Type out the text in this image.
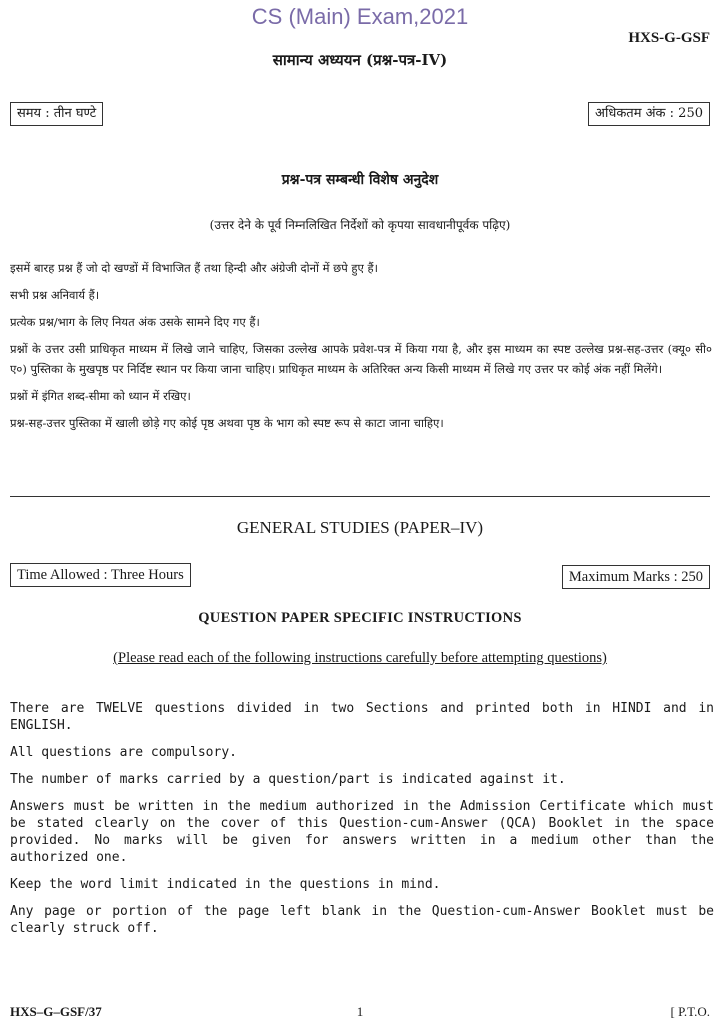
CS (Main) Exam,2021
HXS-G-GSF
सामान्य अध्ययन (प्रश्न-पत्र-IV)
समय : तीन घण्टे	अधिकतम अंक : 250
प्रश्न-पत्र सम्बन्धी विशेष अनुदेश
(उत्तर देने के पूर्व निम्नलिखित निर्देशों को कृपया सावधानीपूर्वक पढ़िए)

इसमें बारह प्रश्न हैं जो दो खण्डों में विभाजित हैं तथा हिन्दी और अंग्रेजी दोनों में छपे हुए हैं।

सभी प्रश्न अनिवार्य हैं।

प्रत्येक प्रश्न/भाग के लिए नियत अंक उसके सामने दिए गए हैं।

प्रश्नों के उत्तर उसी प्राधिकृत माध्यम में लिखे जाने चाहिए, जिसका उल्लेख आपके प्रवेश-पत्र में किया गया है, और इस माध्यम का स्पष्ट उल्लेख प्रश्न-सह-उत्तर (क्यू० सी० ए०) पुस्तिका के मुखपृष्ठ पर निर्दिष्ट स्थान पर किया जाना चाहिए। प्राधिकृत माध्यम के अतिरिक्त अन्य किसी माध्यम में लिखे गए उत्तर पर कोई अंक नहीं मिलेंगे।

प्रश्नों में इंगित शब्द-सीमा को ध्यान में रखिए।

प्रश्न-सह-उत्तर पुस्तिका में खाली छोड़े गए कोई पृष्ठ अथवा पृष्ठ के भाग को स्पष्ट रूप से काटा जाना चाहिए।

GENERAL STUDIES (PAPER–IV)
Time Allowed : Three Hours	Maximum Marks : 250
QUESTION PAPER SPECIFIC INSTRUCTIONS
(Please read each of the following instructions carefully before attempting questions)

There are TWELVE questions divided in two Sections and printed both in HINDI and in ENGLISH.

All questions are compulsory.

The number of marks carried by a question/part is indicated against it.

Answers must be written in the medium authorized in the Admission Certificate which must be stated clearly on the cover of this Question-cum-Answer (QCA) Booklet in the space provided. No marks will be given for answers written in a medium other than the authorized one.

Keep the word limit indicated in the questions in mind.

Any page or portion of the page left blank in the Question-cum-Answer Booklet must be clearly struck off.

HXS–G–GSF/37	1	[ P.T.O.
